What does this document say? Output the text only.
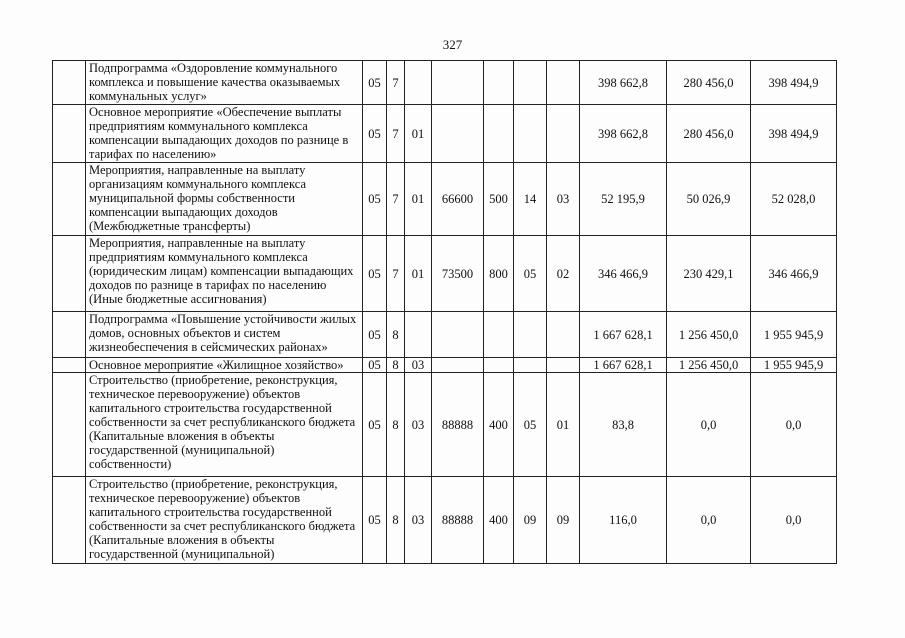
327
	Подпрограмма «Оздоровление коммунального комплекса и повышение качества оказываемых коммунальных услуг»	05	7						398 662,8	280 456,0	398 494,9
	Основное мероприятие «Обеспечение выплаты предприятиям коммунального комплекса компенсации выпадающих доходов по разнице в тарифах по населению»	05	7	01					398 662,8	280 456,0	398 494,9
	Мероприятия, направленные на выплату организациям коммунального комплекса муниципальной формы собственности компенсации выпадающих доходов (Межбюджетные трансферты)	05	7	01	66600	500	14	03	52 195,9	50 026,9	52 028,0
	Мероприятия, направленные на выплату предприятиям коммунального комплекса (юридическим лицам) компенсации выпадающих доходов по разнице в тарифах по населению (Иные бюджетные ассигнования)	05	7	01	73500	800	05	02	346 466,9	230 429,1	346 466,9
	Подпрограмма «Повышение устойчивости жилых домов, основных объектов и систем жизнеобеспечения в сейсмических районах»	05	8						1 667 628,1	1 256 450,0	1 955 945,9
	Основное мероприятие «Жилищное хозяйство»	05	8	03					1 667 628,1	1 256 450,0	1 955 945,9
	Строительство (приобретение, реконструкция, техническое перевооружение) объектов капитального строительства государственной собственности за счет республиканского бюджета (Капитальные вложения в объекты государственной (муниципальной) собственности)	05	8	03	88888	400	05	01	83,8	0,0	0,0
	Строительство (приобретение, реконструкция, техническое перевооружение) объектов капитального строительства государственной собственности за счет республиканского бюджета (Капитальные вложения в объекты государственной (муниципальной)	05	8	03	88888	400	09	09	116,0	0,0	0,0
